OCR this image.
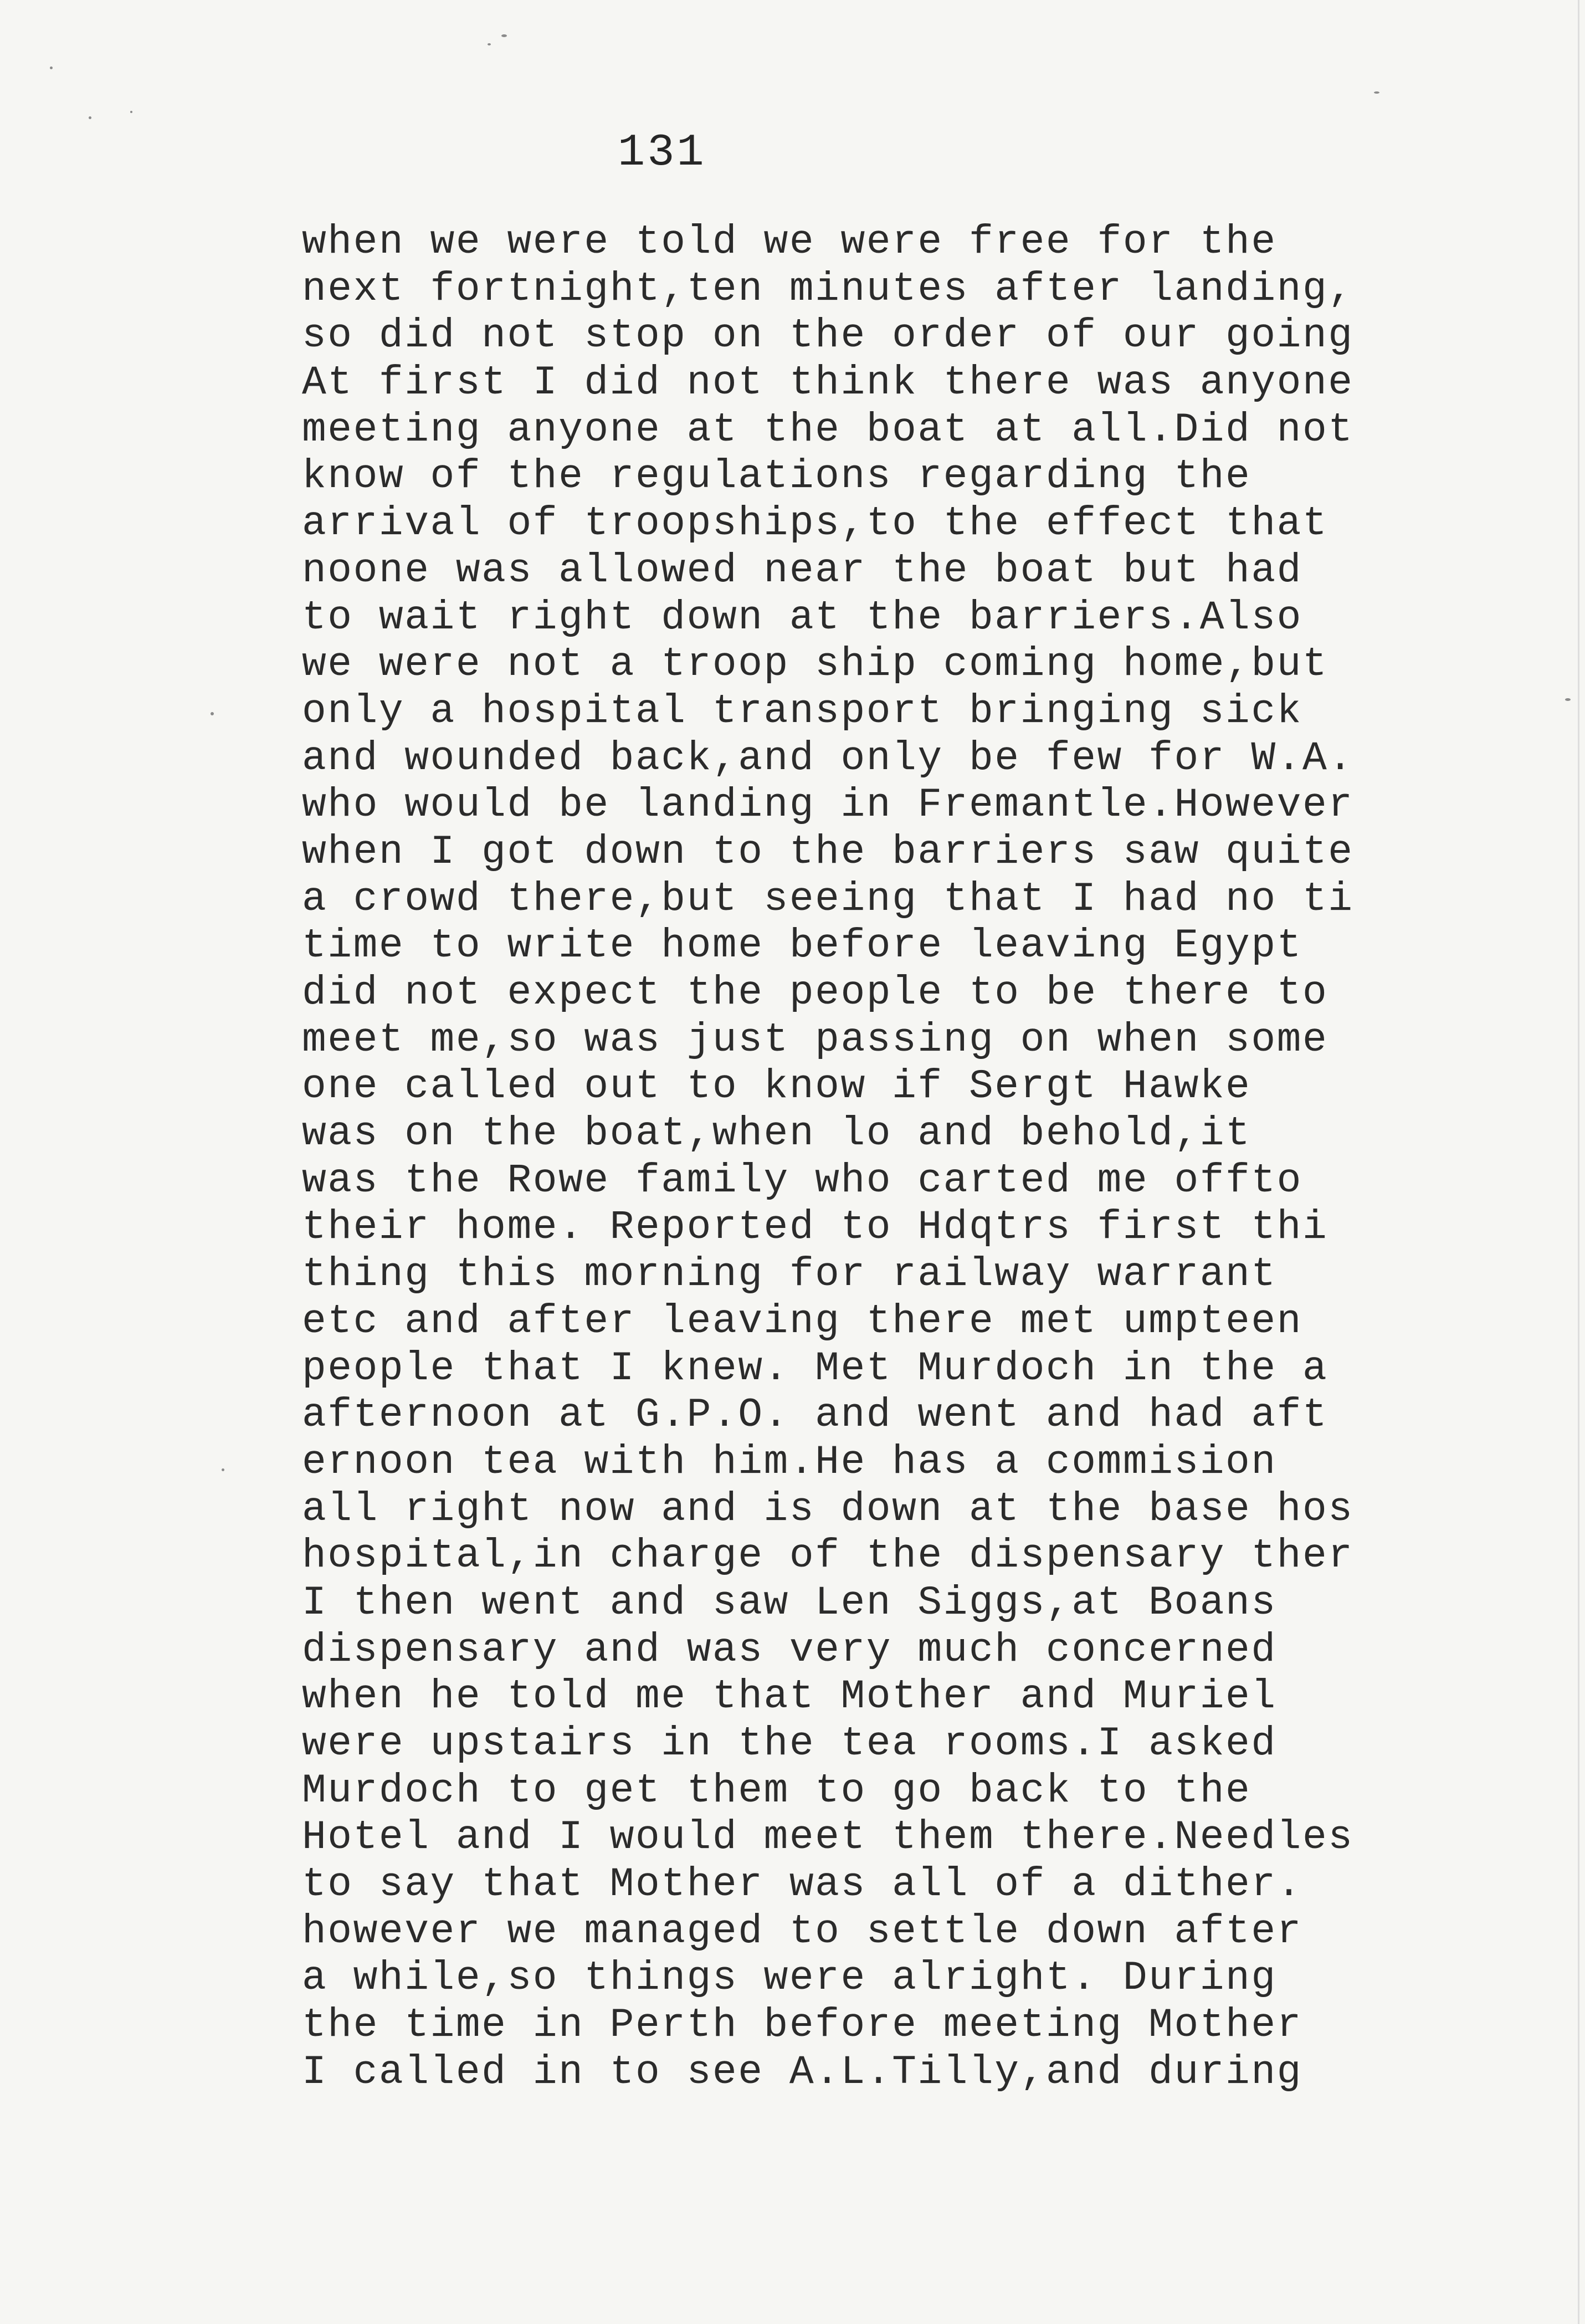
131
when we were told we were free for the
next fortnight,ten minutes after landing,
so did not stop on the order of our going
At first I did not think there was anyone
meeting anyone at the boat at all.Did not
know of the regulations regarding the
arrival of troopships,to the effect that
noone was allowed near the boat but had
to wait right down at the barriers.Also
we were not a troop ship coming home,but
only a hospital transport bringing sick
and wounded back,and only be few for W.A.
who would be landing in Fremantle.However
when I got down to the barriers saw quite
a crowd there,but seeing that I had no ti
time to write home before leaving Egypt
did not expect the people to be there to
meet me,so was just passing on when some
one called out to know if Sergt Hawke
was on the boat,when lo and behold,it
was the Rowe family who carted me offto
their home. Reported to Hdqtrs first thi
thing this morning for railway warrant
etc and after leaving there met umpteen
people that I knew. Met Murdoch in the a
afternoon at G.P.O. and went and had aft
ernoon tea with him.He has a commision
all right now and is down at the base hos
hospital,in charge of the dispensary ther
I then went and saw Len Siggs,at Boans
dispensary and was very much concerned
when he told me that Mother and Muriel
were upstairs in the tea rooms.I asked
Murdoch to get them to go back to the
Hotel and I would meet them there.Needles
to say that Mother was all of a dither.
however we managed to settle down after
a while,so things were alright. During
the time in Perth before meeting Mother
I called in to see A.L.Tilly,and during
